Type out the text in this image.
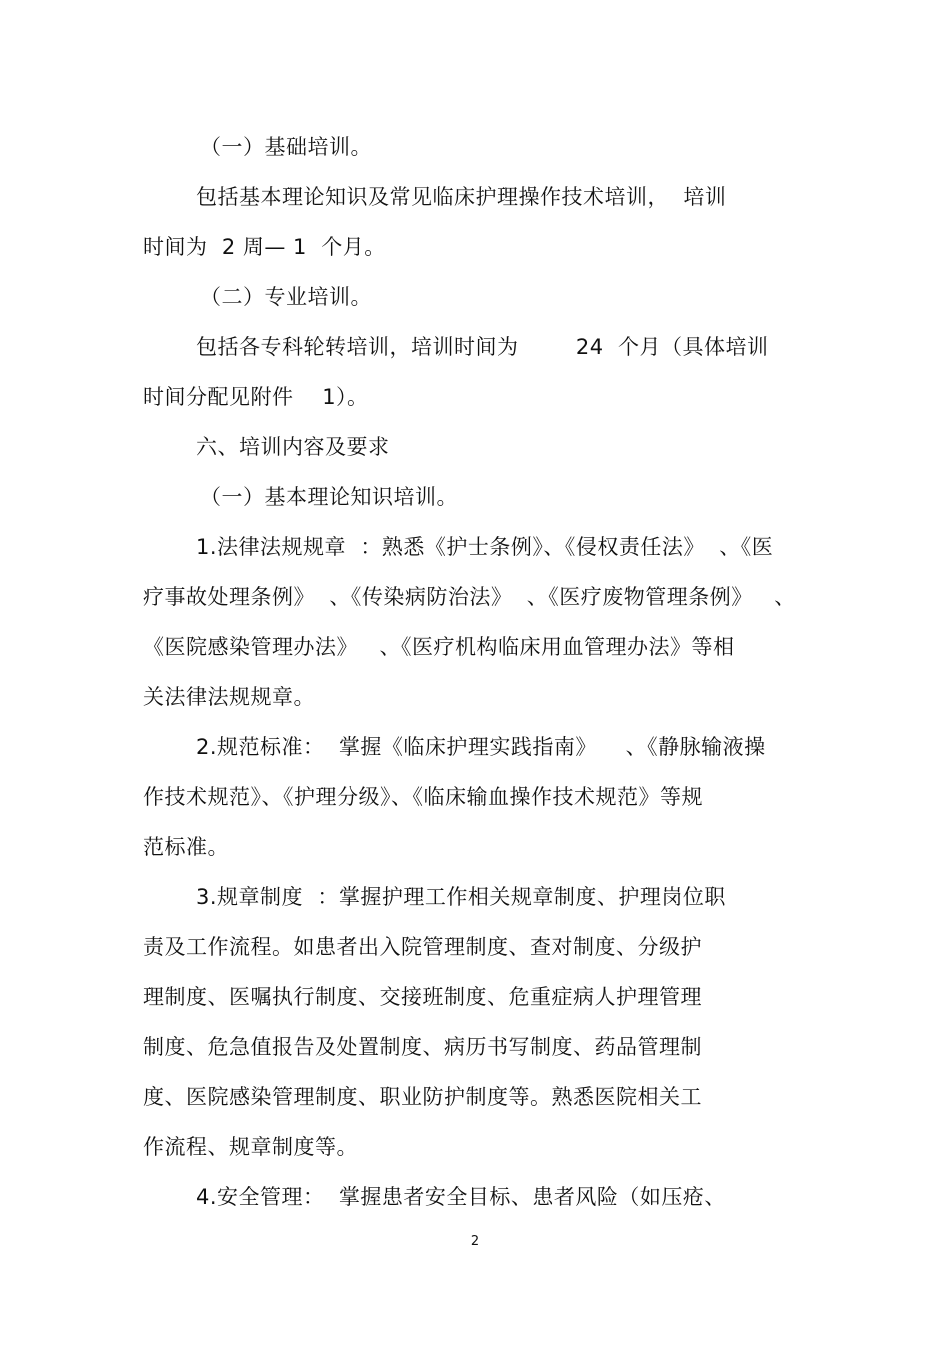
（一）基础培训。
包括基本理论知识及常见临床护理操作技术培训，  培训
时间为  2 周— 1  个月。
（二）专业培训。
包括各专科轮转培训，培训时间为        24  个月（具体培训
时间分配见附件    1）。
六、培训内容及要求
（一）基本理论知识培训。
1.法律法规规章  ：熟悉《护士条例》、《侵权责任法》  、《医
疗事故处理条例》  、《传染病防治法》  、《医疗废物管理条例》   、
《医院感染管理办法》   、《医疗机构临床用血管理办法》等相
关法律法规规章。
2.规范标准：  掌握《临床护理实践指南》    、《静脉输液操
作技术规范》、《护理分级》、《临床输血操作技术规范》等规
范标准。
3.规章制度  ：掌握护理工作相关规章制度、护理岗位职
责及工作流程。如患者出入院管理制度、查对制度、分级护
理制度、医嘱执行制度、交接班制度、危重症病人护理管理
制度、危急值报告及处置制度、病历书写制度、药品管理制
度、医院感染管理制度、职业防护制度等。熟悉医院相关工
作流程、规章制度等。
4.安全管理：  掌握患者安全目标、患者风险（如压疮、
2
